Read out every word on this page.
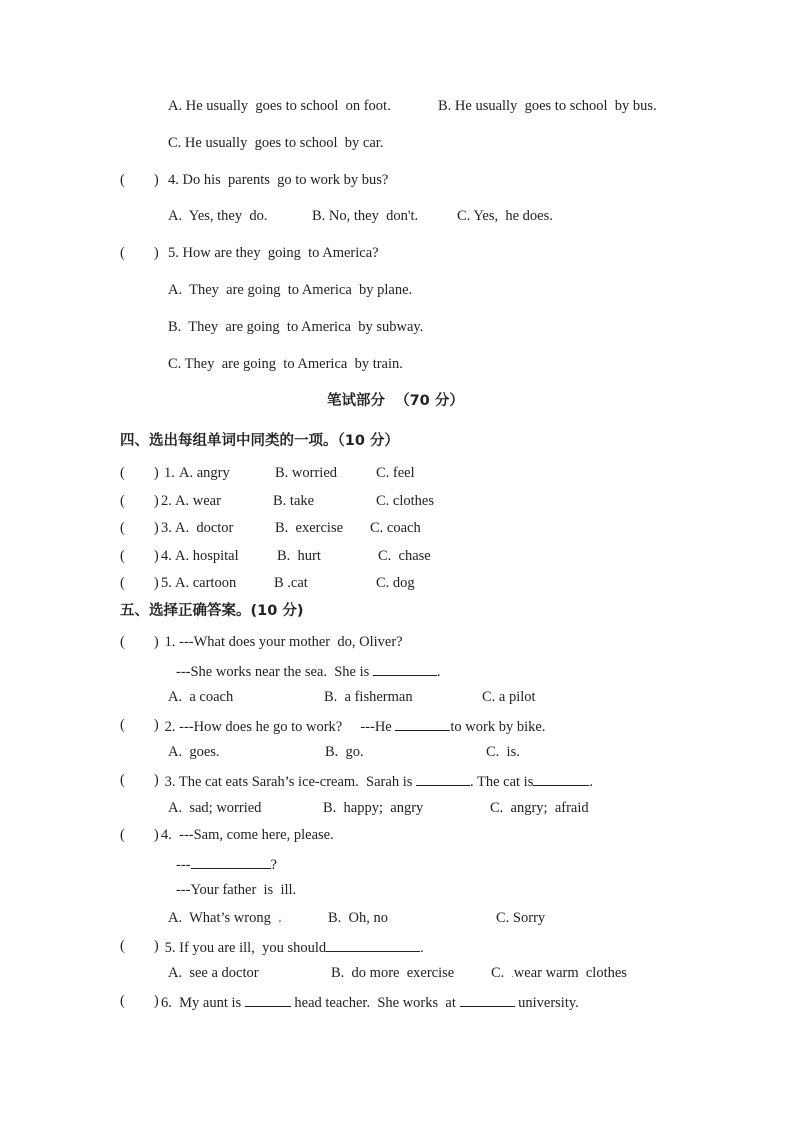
A. He usually  goes to school  on foot.	B. He usually  goes to school  by bus.
C. He usually  goes to school  by car.
(        ) 4. Do his  parents  go to work by bus?
A.  Yes, they  do.	B. No, they  don't.	C. Yes,  he does.
(        ) 5. How are they  going  to America?
A.  They  are going  to America  by plane.
B.  They  are going  to America  by subway.
C. They  are going  to America  by train.
笔试部分  （70 分）
四、选出每组单词中同类的一项。（10 分）
(        ) 1. A. angry	B. worried	C. feel
(        ) 2. A. wear	B. take	C. clothes
(        ) 3. A.  doctor	B.  exercise C. coach
(        ) 4. A. hospital	B.  hurt	C.  chase
(        ) 5. A. cartoon	B .cat	C. dog
五、选择正确答案。(10 分)
(        ) 1. ---What does your mother  do, Oliver?
---She works near the sea.  She is	.
A.  a coach	B.  a fisherman	C. a pilot
(        ) 2. ---How does he go to work?     ---He	to work by bike.
A.  goes.	B.  go.	C.  is.
(        ) 3. The cat eats Sarah’s ice-cream.  Sarah is	. The cat is	.
A.  sad; worried	B.  happy;  angry	C.  angry;  afraid
(        ) 4.  ---Sam, come here, please.
---	?
---Your father  is  ill.
A.  What’s wrong .	B.  Oh, no	C. Sorry
(        ) 5. If you are ill,  you should	.
A.  see a doctor	B.  do more  exercise	C.  .wear warm  clothes
(        ) 6.  My aunt is	head teacher.  She works  at	university.
